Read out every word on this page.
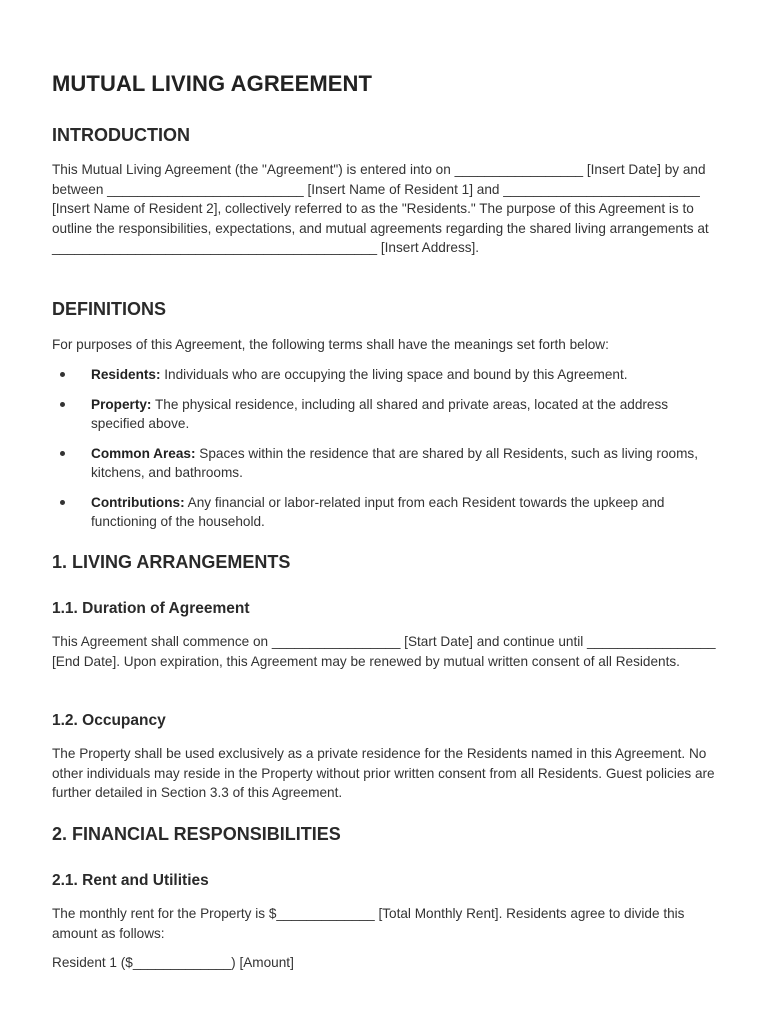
MUTUAL LIVING AGREEMENT
INTRODUCTION

This Mutual Living Agreement (the "Agreement") is entered into on _________________ [Insert Date] by and between __________________________ [Insert Name of Resident 1] and __________________________ [Insert Name of Resident 2], collectively referred to as the "Residents." The purpose of this Agreement is to outline the responsibilities, expectations, and mutual agreements regarding the shared living arrangements at ___________________________________________ [Insert Address].

DEFINITIONS

For purposes of this Agreement, the following terms shall have the meanings set forth below:

Residents: Individuals who are occupying the living space and bound by this Agreement.
Property: The physical residence, including all shared and private areas, located at the address specified above.
Common Areas: Spaces within the residence that are shared by all Residents, such as living rooms, kitchens, and bathrooms.
Contributions: Any financial or labor-related input from each Resident towards the upkeep and functioning of the household.
1. LIVING ARRANGEMENTS
1.1. Duration of Agreement

This Agreement shall commence on _________________ [Start Date] and continue until _________________ [End Date]. Upon expiration, this Agreement may be renewed by mutual written consent of all Residents.

1.2. Occupancy

The Property shall be used exclusively as a private residence for the Residents named in this Agreement. No other individuals may reside in the Property without prior written consent from all Residents. Guest policies are further detailed in Section 3.3 of this Agreement.

2. FINANCIAL RESPONSIBILITIES
2.1. Rent and Utilities

The monthly rent for the Property is $_____________ [Total Monthly Rent]. Residents agree to divide this amount as follows:

Resident 1 ($_____________) [Amount]
